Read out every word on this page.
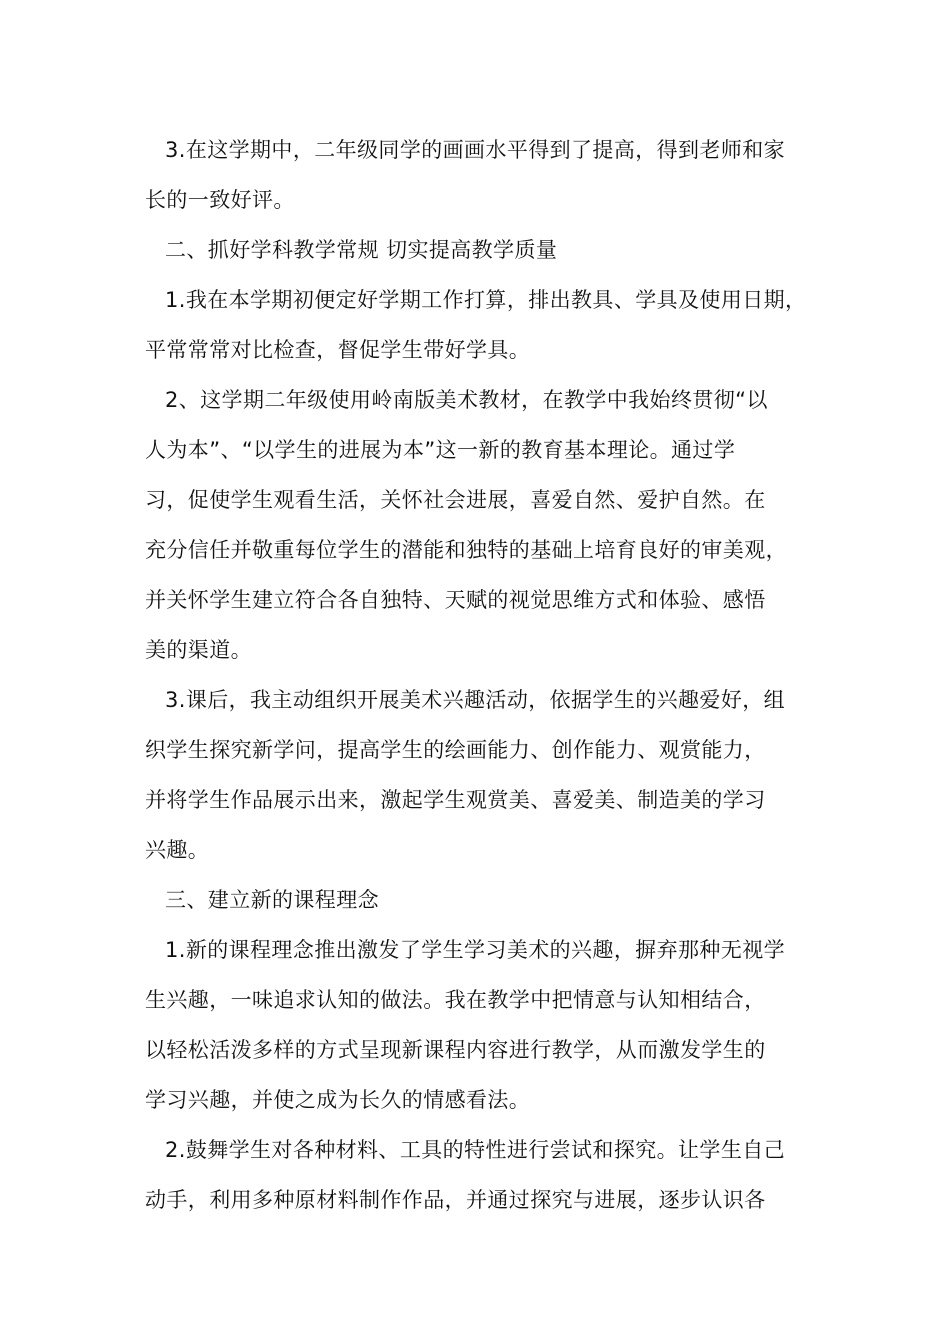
3.在这学期中，二年级同学的画画水平得到了提高，得到老师和家
长的一致好评。
二、抓好学科教学常规 切实提高教学质量
1.我在本学期初便定好学期工作打算，排出教具、学具及使用日期，
平常常常对比检查，督促学生带好学具。
2、这学期二年级使用岭南版美术教材，在教学中我始终贯彻“以
人为本”、“以学生的进展为本”这一新的教育基本理论。通过学
习，促使学生观看生活，关怀社会进展，喜爱自然、爱护自然。在
充分信任并敬重每位学生的潜能和独特的基础上培育良好的审美观，
并关怀学生建立符合各自独特、天赋的视觉思维方式和体验、感悟
美的渠道。
3.课后，我主动组织开展美术兴趣活动，依据学生的兴趣爱好，组
织学生探究新学问，提高学生的绘画能力、创作能力、观赏能力，
并将学生作品展示出来，激起学生观赏美、喜爱美、制造美的学习
兴趣。
三、建立新的课程理念
1.新的课程理念推出激发了学生学习美术的兴趣，摒弃那种无视学
生兴趣，一味追求认知的做法。我在教学中把情意与认知相结合，
以轻松活泼多样的方式呈现新课程内容进行教学，从而激发学生的
学习兴趣，并使之成为长久的情感看法。
2.鼓舞学生对各种材料、工具的特性进行尝试和探究。让学生自己
动手，利用多种原材料制作作品，并通过探究与进展，逐步认识各
